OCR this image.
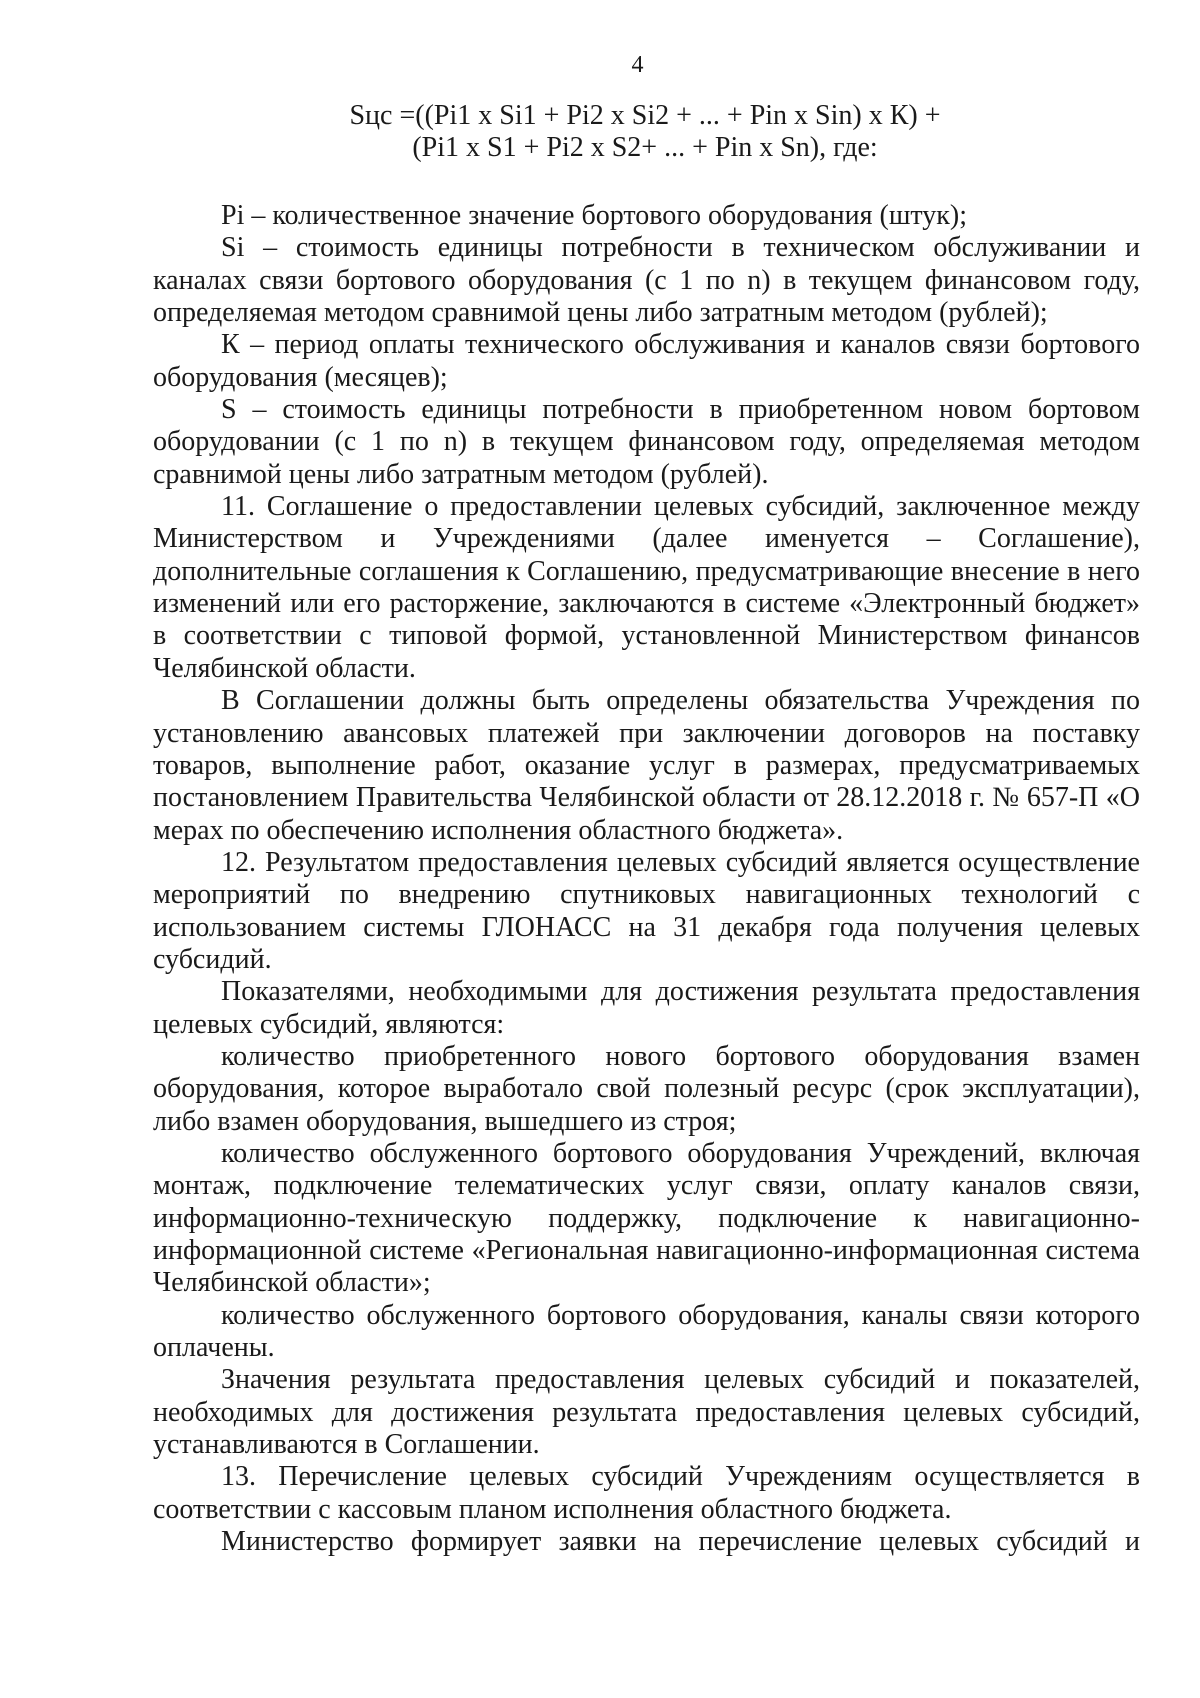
4
Sцс =((Pi1 x Si1 + Pi2 x Si2 + ... + Pin x Sin) x К) +
(Pi1 x S1 + Pi2 x S2+ ... + Pin x Sn), где:

Pi – количественное значение бортового оборудования (штук);

Si – стоимость единицы потребности в техническом обслуживании и каналах связи бортового оборудования (с 1 по n) в текущем финансовом году, определяемая методом сравнимой цены либо затратным методом (рублей);

К – период оплаты технического обслуживания и каналов связи бортового оборудования (месяцев);

S – стоимость единицы потребности в приобретенном новом бортовом оборудовании (с 1 по n) в текущем финансовом году, определяемая методом сравнимой цены либо затратным методом (рублей).

11. Соглашение о предоставлении целевых субсидий, заключенное между Министерством и Учреждениями (далее именуется – Соглашение), дополнительные соглашения к Соглашению, предусматривающие внесение в него изменений или его расторжение, заключаются в системе «Электронный бюджет» в соответствии с типовой формой, установленной Министерством финансов Челябинской области.

В Соглашении должны быть определены обязательства Учреждения по установлению авансовых платежей при заключении договоров на поставку товаров, выполнение работ, оказание услуг в размерах, предусматриваемых постановлением Правительства Челябинской области от 28.12.2018 г. № 657-П «О мерах по обеспечению исполнения областного бюджета».

12. Результатом предоставления целевых субсидий является осуществление мероприятий по внедрению спутниковых навигационных технологий с использованием системы ГЛОНАСС на 31 декабря года получения целевых субсидий.

Показателями, необходимыми для достижения результата предоставления целевых субсидий, являются:

количество приобретенного нового бортового оборудования взамен оборудования, которое выработало свой полезный ресурс (срок эксплуатации), либо взамен оборудования, вышедшего из строя;

количество обслуженного бортового оборудования Учреждений, включая монтаж, подключение телематических услуг связи, оплату каналов связи, информационно-техническую поддержку, подключение к навигационно-информационной системе «Региональная навигационно-информационная система Челябинской области»;

количество обслуженного бортового оборудования, каналы связи которого оплачены.

Значения результата предоставления целевых субсидий и показателей, необходимых для достижения результата предоставления целевых субсидий, устанавливаются в Соглашении.

13. Перечисление целевых субсидий Учреждениям осуществляется в соответствии с кассовым планом исполнения областного бюджета.

Министерство формирует заявки на перечисление целевых субсидий и
